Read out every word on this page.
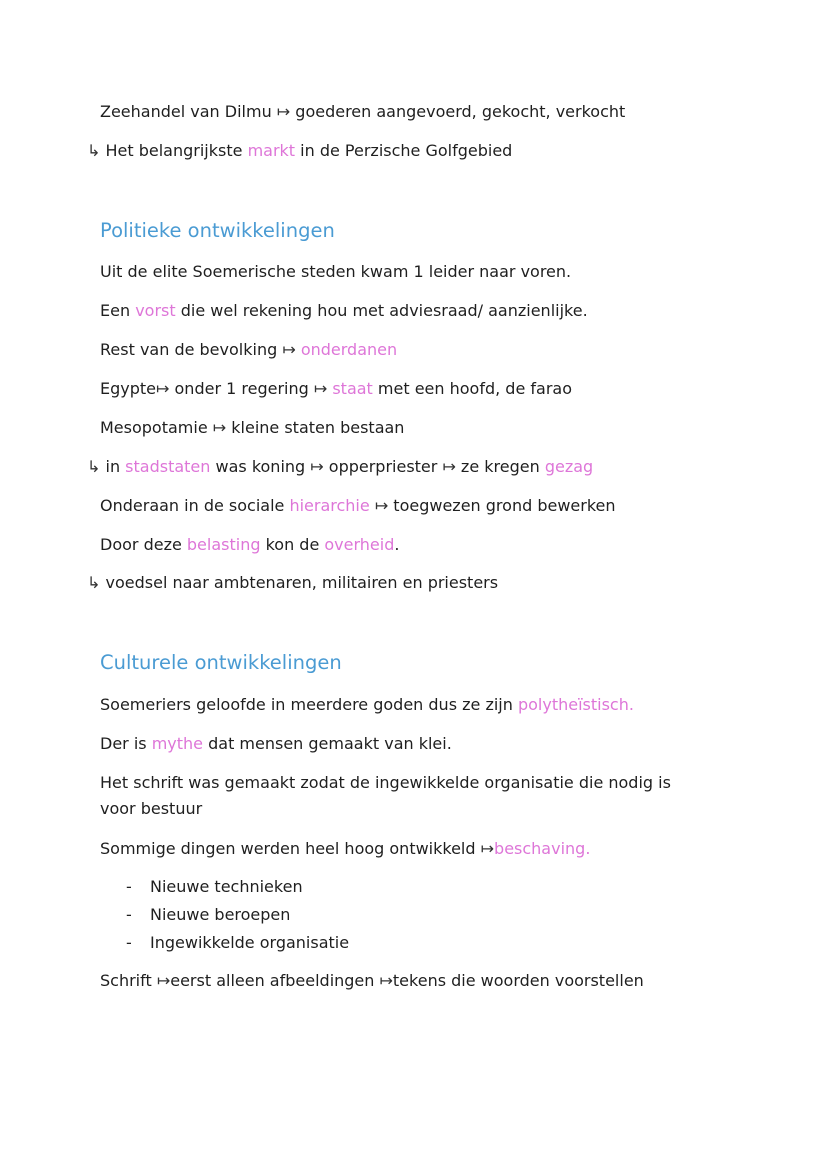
Zeehandel van Dilmu ↦ goederen aangevoerd, gekocht, verkocht
↳ Het belangrijkste markt in de Perzische Golfgebied
Politieke ontwikkelingen
Uit de elite Soemerische steden kwam 1 leider naar voren.
Een vorst die wel rekening hou met adviesraad/ aanzienlijke.
Rest van de bevolking ↦ onderdanen
Egypte↦ onder 1 regering ↦ staat met een hoofd, de farao
Mesopotamie ↦ kleine staten bestaan
↳ in stadstaten was koning ↦ opperpriester ↦ ze kregen gezag
Onderaan in de sociale hierarchie ↦ toegwezen grond bewerken
Door deze belasting kon de overheid.
↳ voedsel naar ambtenaren, militairen en priesters
Culturele ontwikkelingen
Soemeriers geloofde in meerdere goden dus ze zijn polytheïstisch.
Der is mythe dat mensen gemaakt van klei.
Het schrift was gemaakt zodat de ingewikkelde organisatie die nodig is voor bestuur
Sommige dingen werden heel hoog ontwikkeld ↦beschaving.
- Nieuwe technieken
- Nieuwe beroepen
- Ingewikkelde organisatie
Schrift ↦eerst alleen afbeeldingen ↦tekens die woorden voorstellen
